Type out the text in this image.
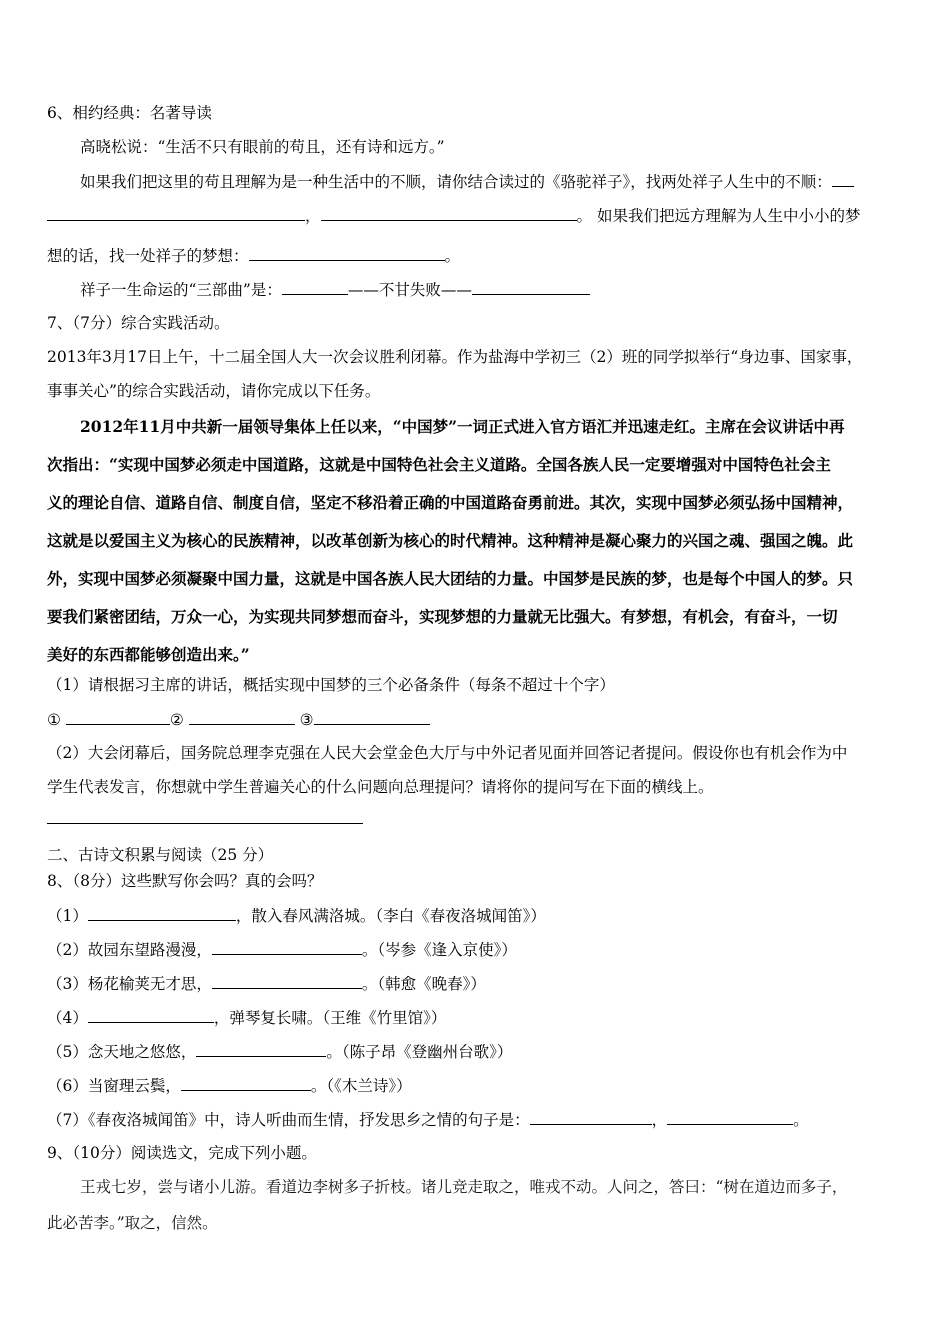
6、相约经典：名著导读
高晓松说：“生活不只有眼前的苟且，还有诗和远方。”
如果我们把这里的苟且理解为是一种生活中的不顺，请你结合读过的《骆驼祥子》，找两处祥子人生中的不顺：
，	。 如果我们把远方理解为人生中小小的梦
想的话，找一处祥子的梦想：	。
祥子一生命运的“三部曲”是：	——不甘失败——
7、（7分）综合实践活动。
2013年3月17日上午，十二届全国人大一次会议胜利闭幕。作为盐海中学初三（2）班的同学拟举行“身边事、国家事，
事事关心”的综合实践活动，请你完成以下任务。
2012年11月中共新一届领导集体上任以来，“中国梦”一词正式进入官方语汇并迅速走红。主席在会议讲话中再
次指出：“实现中国梦必须走中国道路，这就是中国特色社会主义道路。全国各族人民一定要增强对中国特色社会主
义的理论自信、道路自信、制度自信，坚定不移沿着正确的中国道路奋勇前进。其次，实现中国梦必须弘扬中国精神，
这就是以爱国主义为核心的民族精神，以改革创新为核心的时代精神。这种精神是凝心聚力的兴国之魂、强国之魄。此
外，实现中国梦必须凝聚中国力量，这就是中国各族人民大团结的力量。中国梦是民族的梦，也是每个中国人的梦。只
要我们紧密团结，万众一心，为实现共同梦想而奋斗，实现梦想的力量就无比强大。有梦想，有机会，有奋斗，一切
美好的东西都能够创造出来。”
（1）请根据习主席的讲话，概括实现中国梦的三个必备条件（每条不超过十个字）
①	②	③
（2）大会闭幕后，国务院总理李克强在人民大会堂金色大厅与中外记者见面并回答记者提问。假设你也有机会作为中
学生代表发言，你想就中学生普遍关心的什么问题向总理提问？请将你的提问写在下面的横线上。
二、古诗文积累与阅读（25 分）
8、（8分）这些默写你会吗？真的会吗？
（1）	，散入春风满洛城。（李白《春夜洛城闻笛》）
（2）故园东望路漫漫，	。（岑参《逢入京使》）
（3）杨花榆荚无才思，	。（韩愈《晚春》）
（4）	，弹琴复长啸。（王维《竹里馆》）
（5）念天地之悠悠，	。（陈子昂《登幽州台歌》）
（6）当窗理云鬓，	。（《木兰诗》）
（7）《春夜洛城闻笛》中，诗人听曲而生情，抒发思乡之情的句子是：	，	。
9、（10分）阅读选文，完成下列小题。
王戎七岁，尝与诸小儿游。看道边李树多子折枝。诸儿竞走取之，唯戎不动。人问之，答曰：“树在道边而多子，
此必苦李。”取之，信然。
